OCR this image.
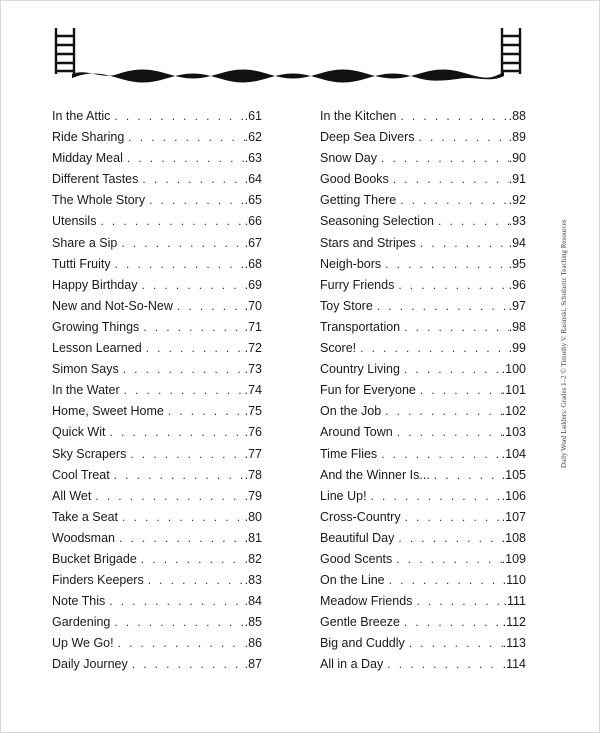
In the Attic . . .	.61
Ride Sharing . . .	.62
Midday Meal . . .	.63
Different Tastes . . .	.64
The Whole Story . . .	.65
Utensils . . .	.66
Share a Sip . . .	.67
Tutti Fruity . . .	.68
Happy Birthday . . .	.69
New and Not-So-New . . .	.70
Growing Things . . .	.71
Lesson Learned . . .	.72
Simon Says . . .	.73
In the Water . . .	.74
Home, Sweet Home . . .	.75
Quick Wit . . .	.76
Sky Scrapers . . .	.77
Cool Treat . . .	.78
All Wet . . .	.79
Take a Seat . . .	.80
Woodsman . . .	.81
Bucket Brigade . . .	.82
Finders Keepers . . .	.83
Note This . . .	.84
Gardening . . .	.85
Up We Go! . . .	.86
Daily Journey . . .	.87
In the Kitchen . . .	.88
Deep Sea Divers . . .	.89
Snow Day . . .	.90
Good Books . . .	.91
Getting There . . .	.92
Seasoning Selection . . .	.93
Stars and Stripes . . .	.94
Neigh-bors . . .	.95
Furry Friends . . .	.96
Toy Store . . .	.97
Transportation . . .	.98
Score! . . .	.99
Country Living . . .	.100
Fun for Everyone . . .	.101
On the Job . . .	.102
Around Town . . .	.103
Time Flies . . .	.104
And the Winner Is... . . .	.105
Line Up! . . .	.106
Cross-Country . . .	.107
Beautiful Day . . .	.108
Good Scents . . .	.109
On the Line . . .	.110
Meadow Friends . . .	.111
Gentle Breeze . . .	.112
Big and Cuddly . . .	.113
All in a Day . . .	.114
Daily Word Ladders: Grades 1–2 © Timothy V. Rasinski, Scholastic Teaching Resources
